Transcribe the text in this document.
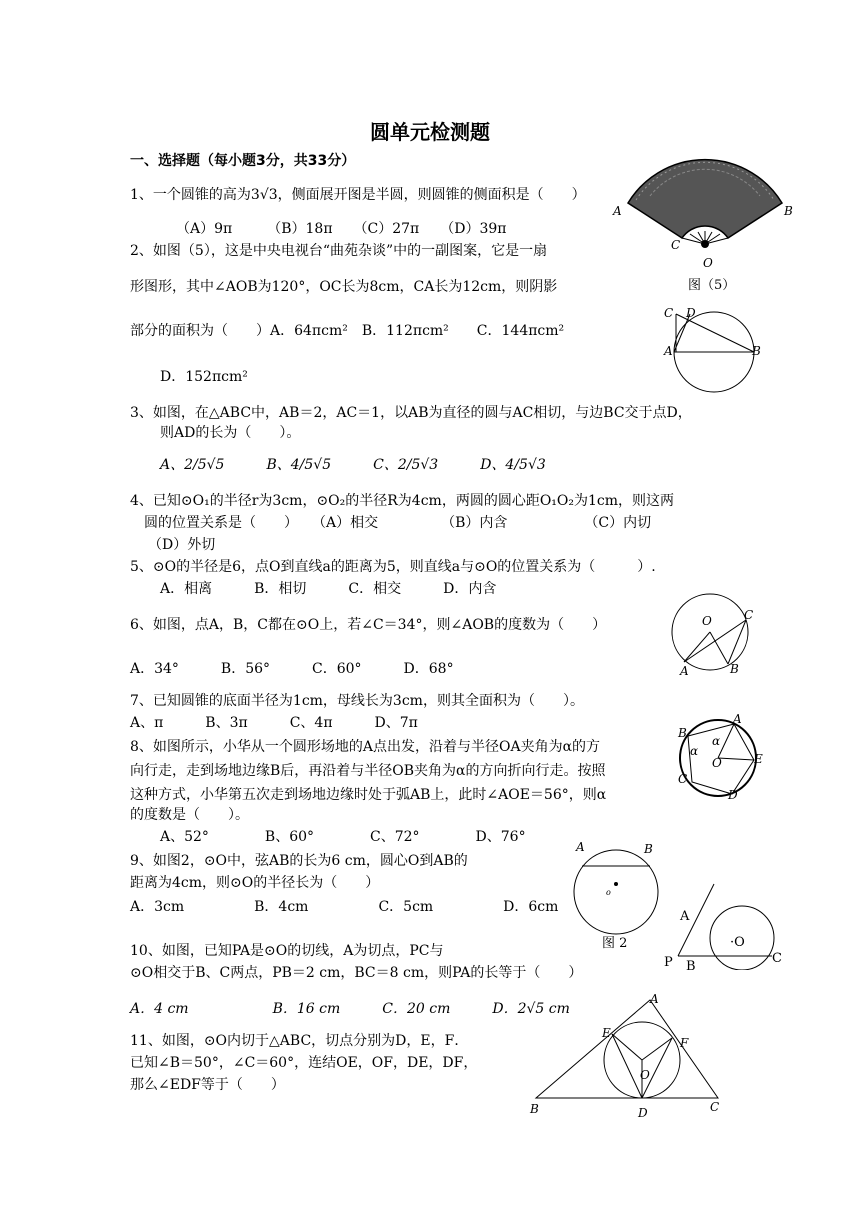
圆单元检测题
一、选择题（每小题3分，共33分）
1、一个圆锥的高为3√3，侧面展开图是半圆，则圆锥的侧面积是（　　）
（A）9π　　　（B）18π　　（C）27π　　（D）39π
2、如图（5），这是中央电视台“曲苑杂谈”中的一副图案，它是一扇
形图形，其中∠AOB为120°，OC长为8cm，CA长为12cm，则阴影
部分的面积为（　　）A．64πcm²　B．112πcm²　　C．144πcm²
D．152πcm²
A	B
C
O
图（5）
C D
A	B
3、如图，在△ABC中，AB＝2，AC＝1，以AB为直径的圆与AC相切，与边BC交于点D，
则AD的长为（　　）。
A、2/5√5　　　B、4/5√5　　　C、2/5√3　　　D、4/5√3
4、已知⊙O₁的半径r为3cm，⊙O₂的半径R为4cm，两圆的圆心距O₁O₂为1cm，则这两
圆的位置关系是（　　）　　（A）相交　　　　　（B）内含　　　　　　（C）内切
（D）外切
5、⊙O的半径是6，点O到直线a的距离为5，则直线a与⊙O的位置关系为（　　　）.
A．相离　　　B．相切　　　C．相交　　　D．内含
6、如图，点A，B，C都在⊙O上，若∠C＝34°，则∠AOB的度数为（　　）
A．34°　　　B．56°　　　C．60°　　　D．68°
O	C
A	B
7、已知圆锥的底面半径为1cm，母线长为3cm，则其全面积为（　　）。
A、π　　　B、3π　　　C、4π　　　D、7π
8、如图所示，小华从一个圆形场地的A点出发，沿着与半径OA夹角为α的方
向行走，走到场地边缘B后，再沿着与半径OB夹角为α的方向折向行走。按照
这种方式，小华第五次走到场地边缘时处于弧AB上，此时∠AOE＝56°，则α
的度数是（　　）。
A、52°　　　　B、60°　　　　C、72°　　　　D、76°
A
B
C
D
E
O
α
α
9、如图2，⊙O中，弦AB的长为6 cm，圆心O到AB的
距离为4cm，则⊙O的半径长为（　　）
A．3cm　　　　　B．4cm　　　　　C．5cm　　　　　D．6cm
A	B
o
图 2
10、如图，已知PA是⊙O的切线，A为切点，PC与
⊙O相交于B、C两点，PB＝2 cm，BC＝8 cm，则PA的长等于（　　）
A．4 cm　　　　　　B．16 cm　　　C．20 cm　　　D．2√5 cm
A
·O
P B
C
11、如图，⊙O内切于△ABC，切点分别为D，E，F．
已知∠B＝50°，∠C＝60°，连结OE，OF，DE，DF，
那么∠EDF等于（　　）
A
E
F
O
B	D	C
